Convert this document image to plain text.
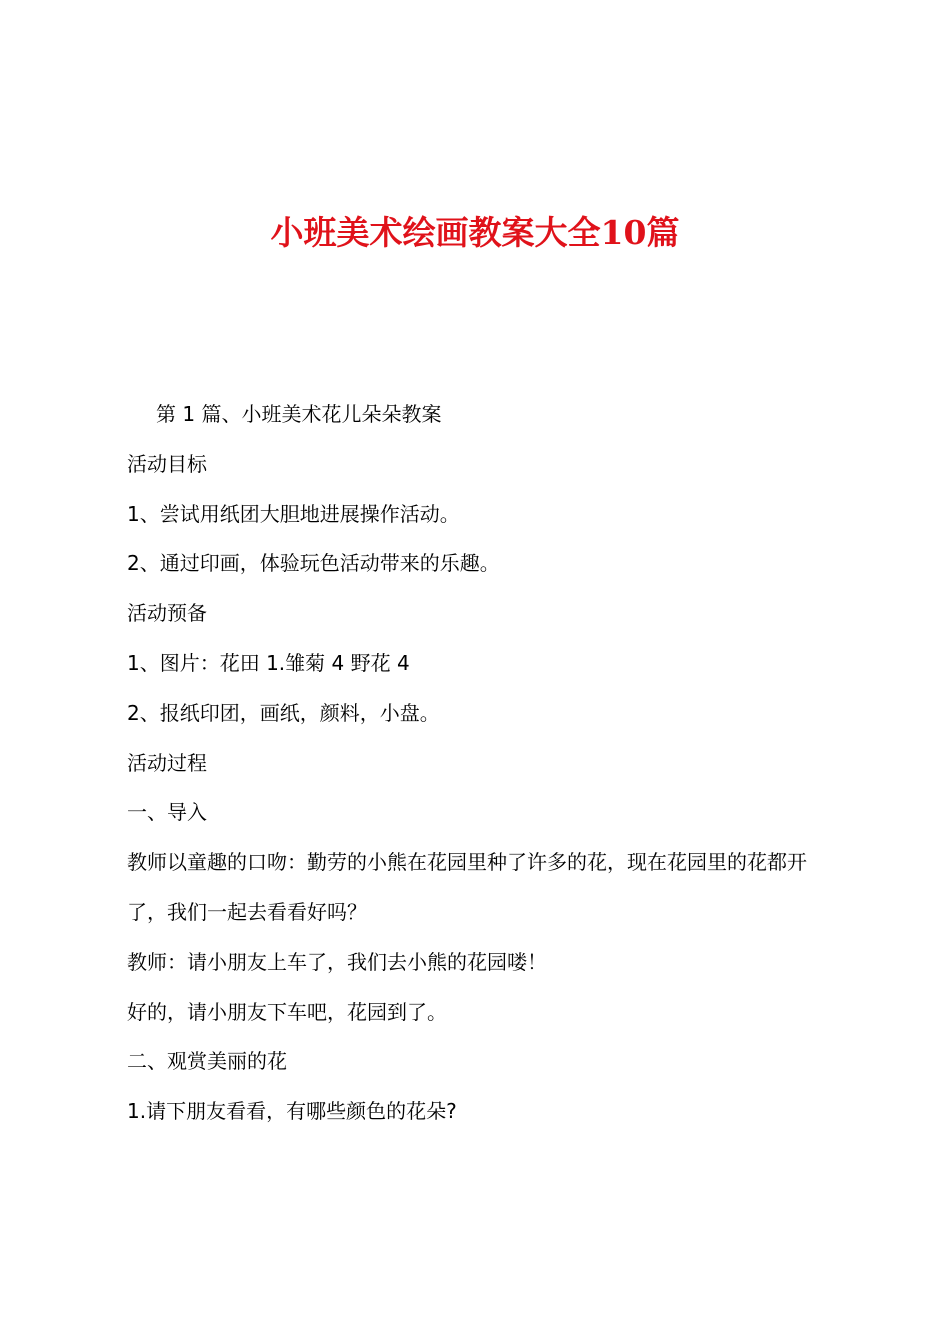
小班美术绘画教案大全10篇

第 1 篇、小班美术花儿朵朵教案

活动目标

1、尝试用纸团大胆地进展操作活动。

2、通过印画，体验玩色活动带来的乐趣。

活动预备

1、图片：花田 1.雏菊 4 野花 4

2、报纸印团，画纸，颜料，小盘。

活动过程

一、导入

教师以童趣的口吻：勤劳的小熊在花园里种了许多的花，现在花园里的花都开了，我们一起去看看好吗？

教师：请小朋友上车了，我们去小熊的花园喽！

好的，请小朋友下车吧，花园到了。

二、观赏美丽的花

1.请下朋友看看，有哪些颜色的花朵?
